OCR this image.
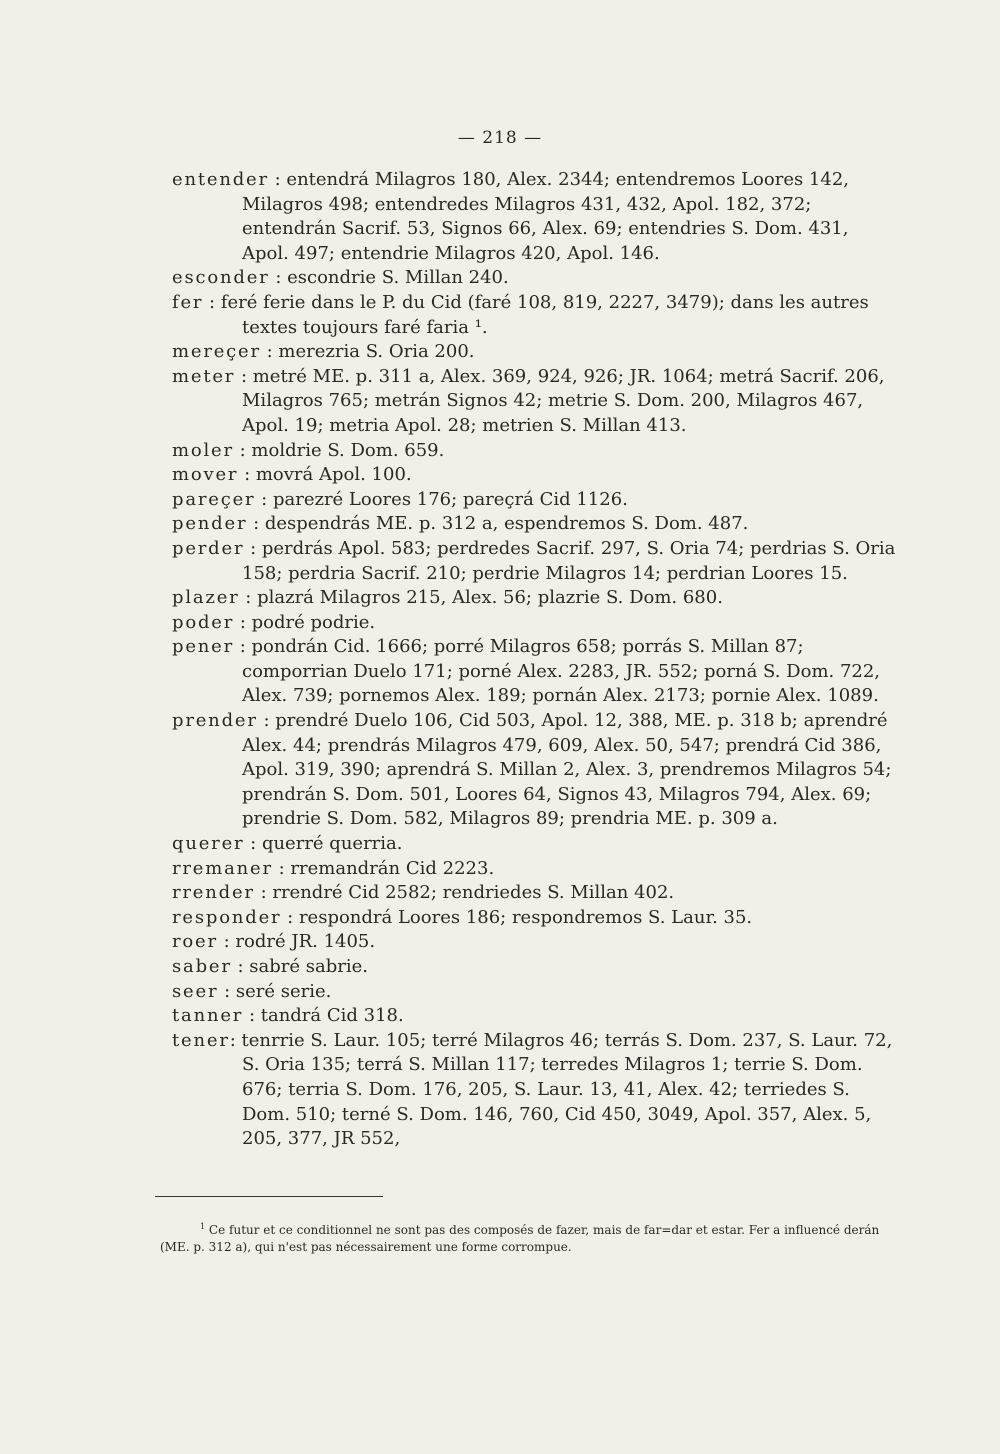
— 218 —

entender : entendrá Milagros 180, Alex. 2344; entendremos Loores 142, Milagros 498; entendredes Milagros 431, 432, Apol. 182, 372; entendrán Sacrif. 53, Signos 66, Alex. 69; entendries S. Dom. 431, Apol. 497; entendrie Milagros 420, Apol. 146.

esconder : escondrie S. Millan 240.

fer : feré ferie dans le P. du Cid (faré 108, 819, 2227, 3479); dans les autres textes toujours faré faria ¹.

mereçer : merezria S. Oria 200.

meter : metré ME. p. 311 a, Alex. 369, 924, 926; JR. 1064; metrá Sacrif. 206, Milagros 765; metrán Signos 42; metrie S. Dom. 200, Milagros 467, Apol. 19; metria Apol. 28; metrien S. Millan 413.

moler : moldrie S. Dom. 659.

mover : movrá Apol. 100.

pareçer : parezré Loores 176; pareçrá Cid 1126.

pender : despendrás ME. p. 312 a, espendremos S. Dom. 487.

perder : perdrás Apol. 583; perdredes Sacrif. 297, S. Oria 74; perdrias S. Oria 158; perdria Sacrif. 210; perdrie Milagros 14; perdrian Loores 15.

plazer : plazrá Milagros 215, Alex. 56; plazrie S. Dom. 680.

poder : podré podrie.

pener : pondrán Cid. 1666; porré Milagros 658; porrás S. Millan 87; comporrian Duelo 171; porné Alex. 2283, JR. 552; porná S. Dom. 722, Alex. 739; pornemos Alex. 189; pornán Alex. 2173; pornie Alex. 1089.

prender : prendré Duelo 106, Cid 503, Apol. 12, 388, ME. p. 318 b; aprendré Alex. 44; prendrás Milagros 479, 609, Alex. 50, 547; prendrá Cid 386, Apol. 319, 390; aprendrá S. Millan 2, Alex. 3, prendremos Milagros 54; prendrán S. Dom. 501, Loores 64, Signos 43, Milagros 794, Alex. 69; prendrie S. Dom. 582, Milagros 89; prendria ME. p. 309 a.

querer : querré querria.

rremaner : rremandrán Cid 2223.

rrender : rrendré Cid 2582; rendriedes S. Millan 402.

responder : respondrá Loores 186; respondremos S. Laur. 35.

roer : rodré JR. 1405.

saber : sabré sabrie.

seer : seré serie.

tanner : tandrá Cid 318.

tener: tenrrie S. Laur. 105; terré Milagros 46; terrás S. Dom. 237, S. Laur. 72, S. Oria 135; terrá S. Millan 117; terredes Milagros 1; terrie S. Dom. 676; terria S. Dom. 176, 205, S. Laur. 13, 41, Alex. 42; terriedes S. Dom. 510; terné S. Dom. 146, 760, Cid 450, 3049, Apol. 357, Alex. 5, 205, 377, JR 552,

$^1$ Ce futur et ce conditionnel ne sont pas des composés de fazer, mais de far=dar et estar. Fer a influencé derán (ME. p. 312 a), qui n'est pas nécessairement une forme corrompue.
